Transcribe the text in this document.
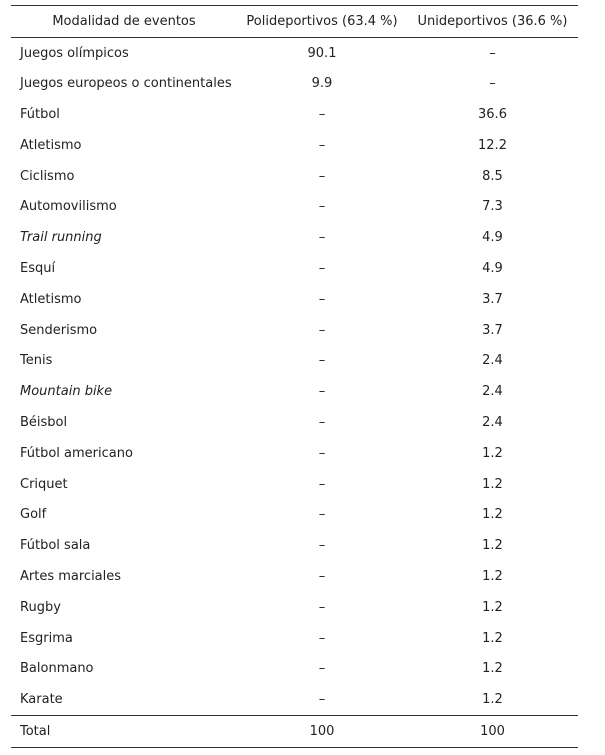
Modalidad de eventos	Polideportivos (63.4 %)	Unideportivos (36.6 %)
Juegos olímpicos	90.1	–
Juegos europeos o continentales	9.9	–
Fútbol	–	36.6
Atletismo	–	12.2
Ciclismo	–	8.5
Automovilismo	–	7.3
Trail running	–	4.9
Esquí	–	4.9
Atletismo	–	3.7
Senderismo	–	3.7
Tenis	–	2.4
Mountain bike	–	2.4
Béisbol	–	2.4
Fútbol americano	–	1.2
Criquet	–	1.2
Golf	–	1.2
Fútbol sala	–	1.2
Artes marciales	–	1.2
Rugby	–	1.2
Esgrima	–	1.2
Balonmano	–	1.2
Karate	–	1.2
Total	100	100
